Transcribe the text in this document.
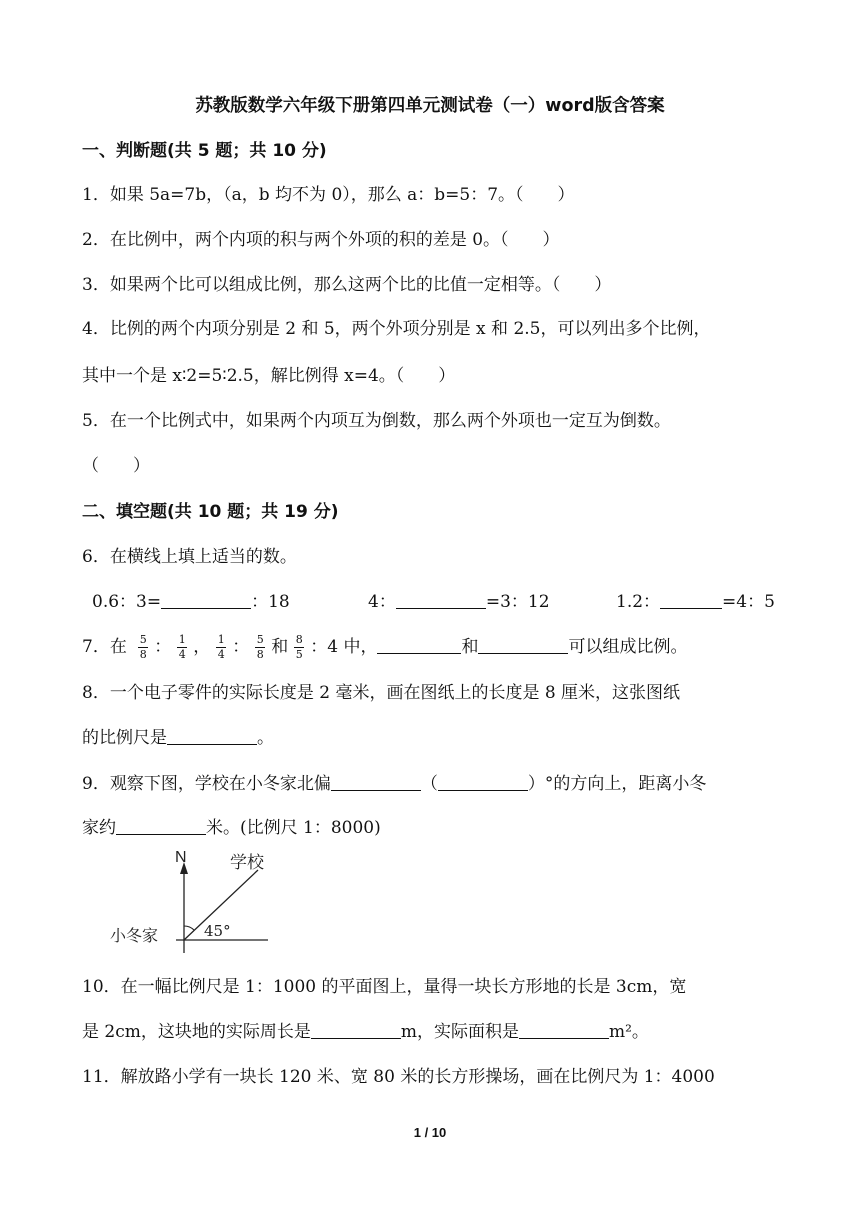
苏教版数学六年级下册第四单元测试卷（一）word版含答案
一、判断题(共 5 题；共 10 分)
1．如果 5a=7b，（a，b 均不为 0），那么 a：b=5：7。（　　）
2．在比例中，两个内项的积与两个外项的积的差是 0。（　　）
3．如果两个比可以组成比例，那么这两个比的比值一定相等。（　　）
4．比例的两个内项分别是 2 和 5，两个外项分别是 x 和 2.5，可以列出多个比例，
其中一个是 x∶2=5∶2.5，解比例得 x=4。（　　）
5．在一个比例式中，如果两个内项互为倒数，那么两个外项也一定互为倒数。
（　　）
二、填空题(共 10 题；共 19 分)
6．在横线上填上适当的数。
0.6：3=	：18	4：	=3：12	1.2：	=4：5
7．在 $\frac{5}{8}$ ： $\frac{1}{4}$ ， $\frac{1}{4}$ ： $\frac{5}{8}$ 和 $\frac{8}{5}$ ：4 中，	和	可以组成比例。
8．一个电子零件的实际长度是 2 毫米，画在图纸上的长度是 8 厘米，这张图纸
的比例尺是	。
9．观察下图，学校在小冬家北偏	（	）°的方向上，距离小冬
家约	米。(比例尺 1：8000)
N	学校
45°
小冬家
10．在一幅比例尺是 1：1000 的平面图上，量得一块长方形地的长是 3cm，宽
是 2cm，这块地的实际周长是	m，实际面积是	m²。
11．解放路小学有一块长 120 米、宽 80 米的长方形操场，画在比例尺为 1：4000
1 / 10
